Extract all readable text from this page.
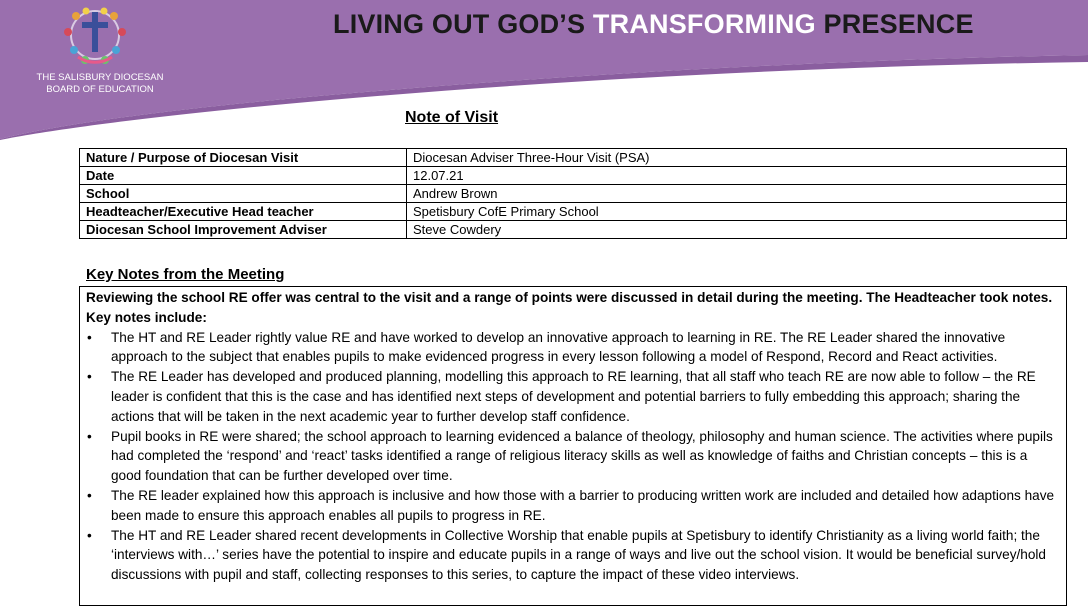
THE SALISBURY DIOCESAN
BOARD OF EDUCATION
LIVING OUT GOD’S TRANSFORMING PRESENCE
Note of Visit
Nature / Purpose of Diocesan Visit	Diocesan Adviser Three-Hour Visit (PSA)
Date	12.07.21
School	Andrew Brown
Headteacher/Executive Head teacher	Spetisbury CofE Primary School
Diocesan School Improvement Adviser	Steve Cowdery
Key Notes from the Meeting
Reviewing the school RE offer was central to the visit and a range of points were discussed in detail during the meeting. The Headteacher took notes. Key notes include:
• The HT and RE Leader rightly value RE and have worked to develop an innovative approach to learning in RE. The RE Leader shared the innovative approach to the subject that enables pupils to make evidenced progress in every lesson following a model of Respond, Record and React activities.
• The RE Leader has developed and produced planning, modelling this approach to RE learning, that all staff who teach RE are now able to follow – the RE leader is confident that this is the case and has identified next steps of development and potential barriers to fully embedding this approach; sharing the actions that will be taken in the next academic year to further develop staff confidence.
• Pupil books in RE were shared; the school approach to learning evidenced a balance of theology, philosophy and human science. The activities where pupils had completed the ‘respond’ and ‘react’ tasks identified a range of religious literacy skills as well as knowledge of faiths and Christian concepts – this is a good foundation that can be further developed over time.
• The RE leader explained how this approach is inclusive and how those with a barrier to producing written work are included and detailed how adaptions have been made to ensure this approach enables all pupils to progress in RE.
• The HT and RE Leader shared recent developments in Collective Worship that enable pupils at Spetisbury to identify Christianity as a living world faith; the ‘interviews with…’ series have the potential to inspire and educate pupils in a range of ways and live out the school vision. It would be beneficial survey/hold discussions with pupil and staff, collecting responses to this series, to capture the impact of these video interviews.
